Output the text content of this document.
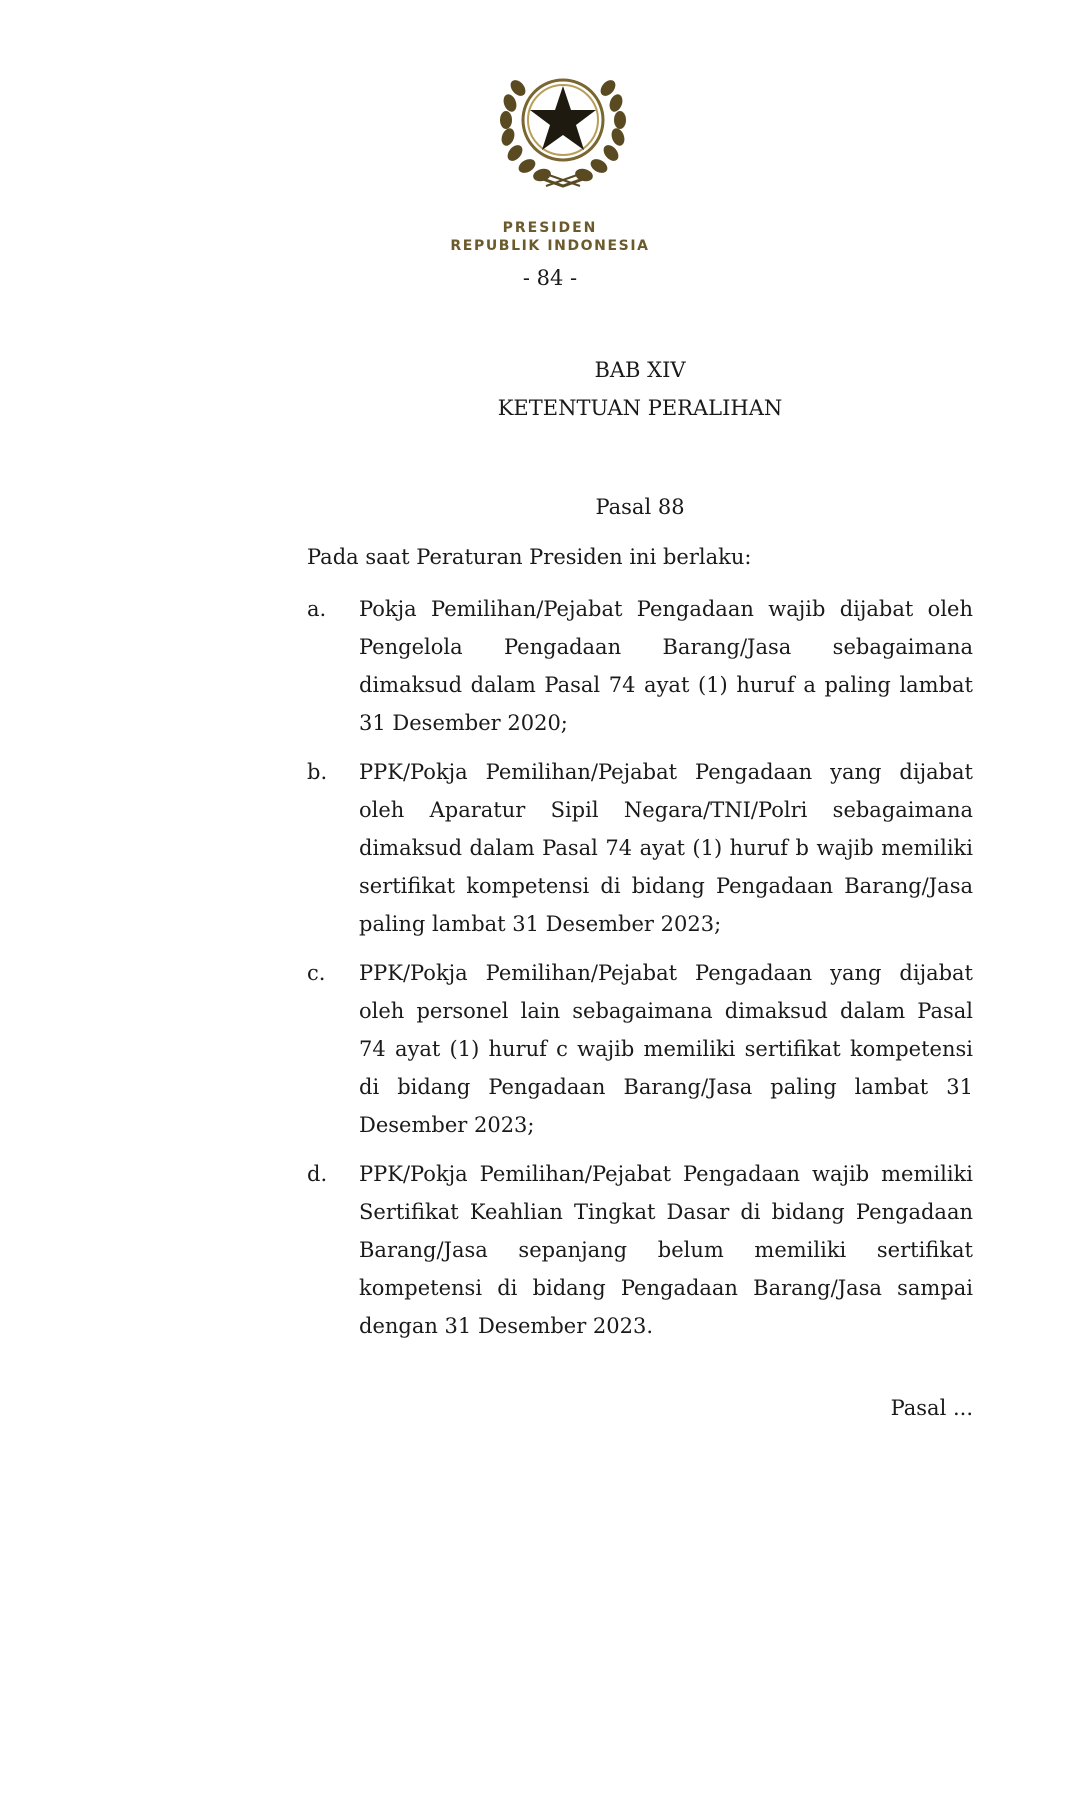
PRESIDEN
REPUBLIK INDONESIA
- 84 -
BAB XIV
KETENTUAN PERALIHAN
Pasal 88
Pada saat Peraturan Presiden ini berlaku:
a.	Pokja Pemilihan/Pejabat Pengadaan wajib dijabat oleh Pengelola Pengadaan Barang/Jasa sebagaimana dimaksud dalam Pasal 74 ayat (1) huruf a paling lambat 31 Desember 2020;
b.	PPK/Pokja Pemilihan/Pejabat Pengadaan yang dijabat oleh Aparatur Sipil Negara/TNI/Polri sebagaimana dimaksud dalam Pasal 74 ayat (1) huruf b wajib memiliki sertifikat kompetensi di bidang Pengadaan Barang/Jasa paling lambat 31 Desember 2023;
c.	PPK/Pokja Pemilihan/Pejabat Pengadaan yang dijabat oleh personel lain sebagaimana dimaksud dalam Pasal 74 ayat (1) huruf c wajib memiliki sertifikat kompetensi di bidang Pengadaan Barang/Jasa paling lambat 31 Desember 2023;
d.	PPK/Pokja Pemilihan/Pejabat Pengadaan wajib memiliki Sertifikat Keahlian Tingkat Dasar di bidang Pengadaan Barang/Jasa sepanjang belum memiliki sertifikat kompetensi di bidang Pengadaan Barang/Jasa sampai dengan 31 Desember 2023.
Pasal ...
